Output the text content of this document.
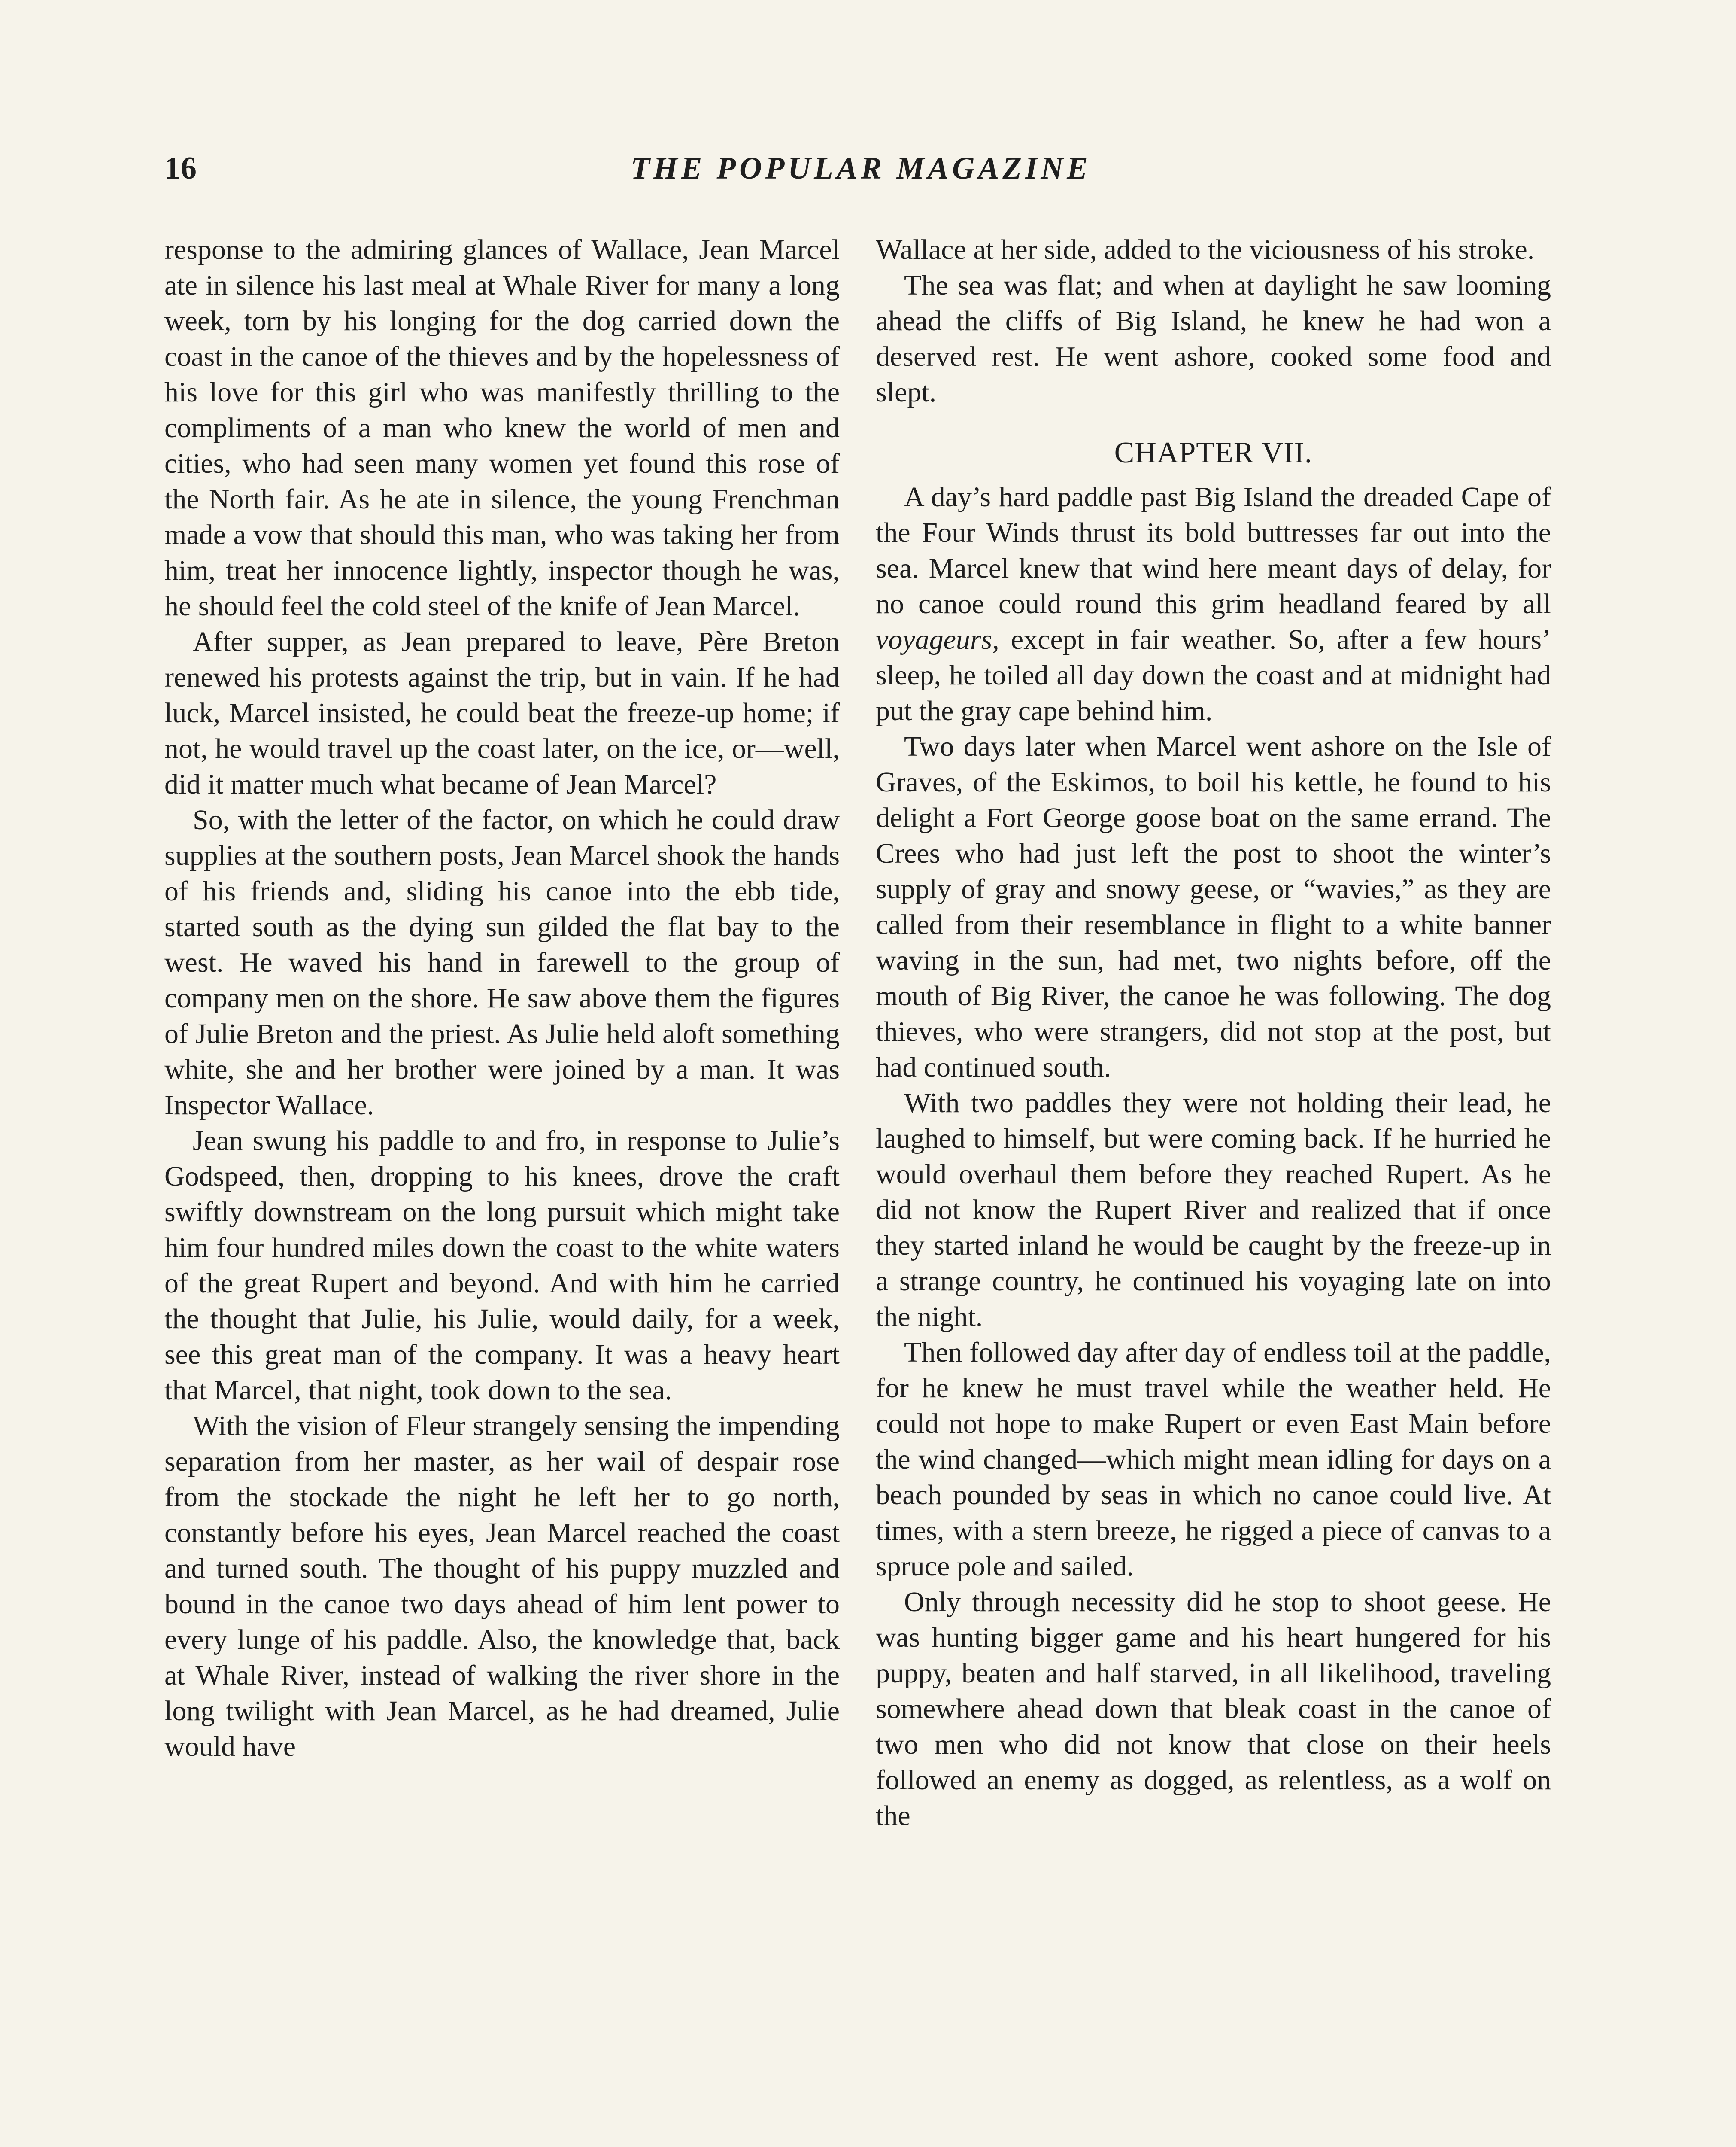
16	THE POPULAR MAGAZINE

response to the admiring glances of Wallace, Jean Marcel ate in silence his last meal at Whale River for many a long week, torn by his longing for the dog carried down the coast in the canoe of the thieves and by the hopelessness of his love for this girl who was manifestly thrilling to the compliments of a man who knew the world of men and cities, who had seen many women yet found this rose of the North fair. As he ate in silence, the young Frenchman made a vow that should this man, who was taking her from him, treat her innocence lightly, inspector though he was, he should feel the cold steel of the knife of Jean Marcel.

After supper, as Jean prepared to leave, Père Breton renewed his protests against the trip, but in vain. If he had luck, Marcel insisted, he could beat the freeze-up home; if not, he would travel up the coast later, on the ice, or—well, did it matter much what became of Jean Marcel?

So, with the letter of the factor, on which he could draw supplies at the southern posts, Jean Marcel shook the hands of his friends and, sliding his canoe into the ebb tide, started south as the dying sun gilded the flat bay to the west. He waved his hand in farewell to the group of company men on the shore. He saw above them the figures of Julie Breton and the priest. As Julie held aloft something white, she and her brother were joined by a man. It was Inspector Wallace.

Jean swung his paddle to and fro, in response to Julie’s Godspeed, then, dropping to his knees, drove the craft swiftly downstream on the long pursuit which might take him four hundred miles down the coast to the white waters of the great Rupert and beyond. And with him he carried the thought that Julie, his Julie, would daily, for a week, see this great man of the company. It was a heavy heart that Marcel, that night, took down to the sea.

With the vision of Fleur strangely sensing the impending separation from her master, as her wail of despair rose from the stockade the night he left her to go north, constantly before his eyes, Jean Marcel reached the coast and turned south. The thought of his puppy muzzled and bound in the canoe two days ahead of him lent power to every lunge of his paddle. Also, the knowledge that, back at Whale River, instead of walking the river shore in the long twilight with Jean Marcel, as he had dreamed, Julie would have

Wallace at her side, added to the viciousness of his stroke.

The sea was flat; and when at daylight he saw looming ahead the cliffs of Big Island, he knew he had won a deserved rest. He went ashore, cooked some food and slept.

CHAPTER VII.

A day’s hard paddle past Big Island the dreaded Cape of the Four Winds thrust its bold buttresses far out into the sea. Marcel knew that wind here meant days of delay, for no canoe could round this grim headland feared by all voyageurs, except in fair weather. So, after a few hours’ sleep, he toiled all day down the coast and at midnight had put the gray cape behind him.

Two days later when Marcel went ashore on the Isle of Graves, of the Eskimos, to boil his kettle, he found to his delight a Fort George goose boat on the same errand. The Crees who had just left the post to shoot the winter’s supply of gray and snowy geese, or “wavies,” as they are called from their resemblance in flight to a white banner waving in the sun, had met, two nights before, off the mouth of Big River, the canoe he was following. The dog thieves, who were strangers, did not stop at the post, but had continued south.

With two paddles they were not holding their lead, he laughed to himself, but were coming back. If he hurried he would overhaul them before they reached Rupert. As he did not know the Rupert River and realized that if once they started inland he would be caught by the freeze-up in a strange country, he continued his voyaging late on into the night.

Then followed day after day of endless toil at the paddle, for he knew he must travel while the weather held. He could not hope to make Rupert or even East Main before the wind changed—which might mean idling for days on a beach pounded by seas in which no canoe could live. At times, with a stern breeze, he rigged a piece of canvas to a spruce pole and sailed.

Only through necessity did he stop to shoot geese. He was hunting bigger game and his heart hungered for his puppy, beaten and half starved, in all likelihood, traveling somewhere ahead down that bleak coast in the canoe of two men who did not know that close on their heels followed an enemy as dogged, as relentless, as a wolf on the
